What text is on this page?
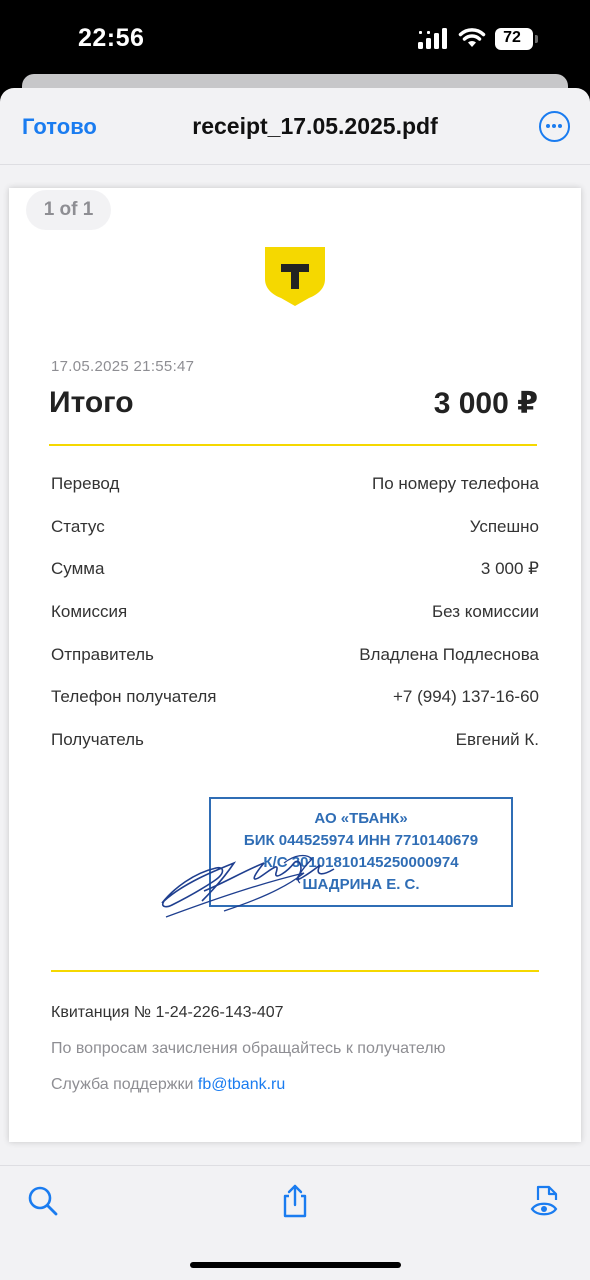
22:56	72
Готово	receipt_17.05.2025.pdf
1 of 1
17.05.2025 21:55:47
Итого	3 000 ₽
Перевод	По номеру телефона
Статус	Успешно
Сумма	3 000 ₽
Комиссия	Без комиссии
Отправитель	Владлена Подлеснова
Телефон получателя	+7 (994) 137-16-60
Получатель	Евгений К.
АО «ТБАНК»
БИК 044525974 ИНН 7710140679
К/С 30101810145250000974
ШАДРИНА Е. С.
Квитанция № 1-24-226-143-407
По вопросам зачисления обращайтесь к получателю
Служба поддержки fb@tbank.ru
